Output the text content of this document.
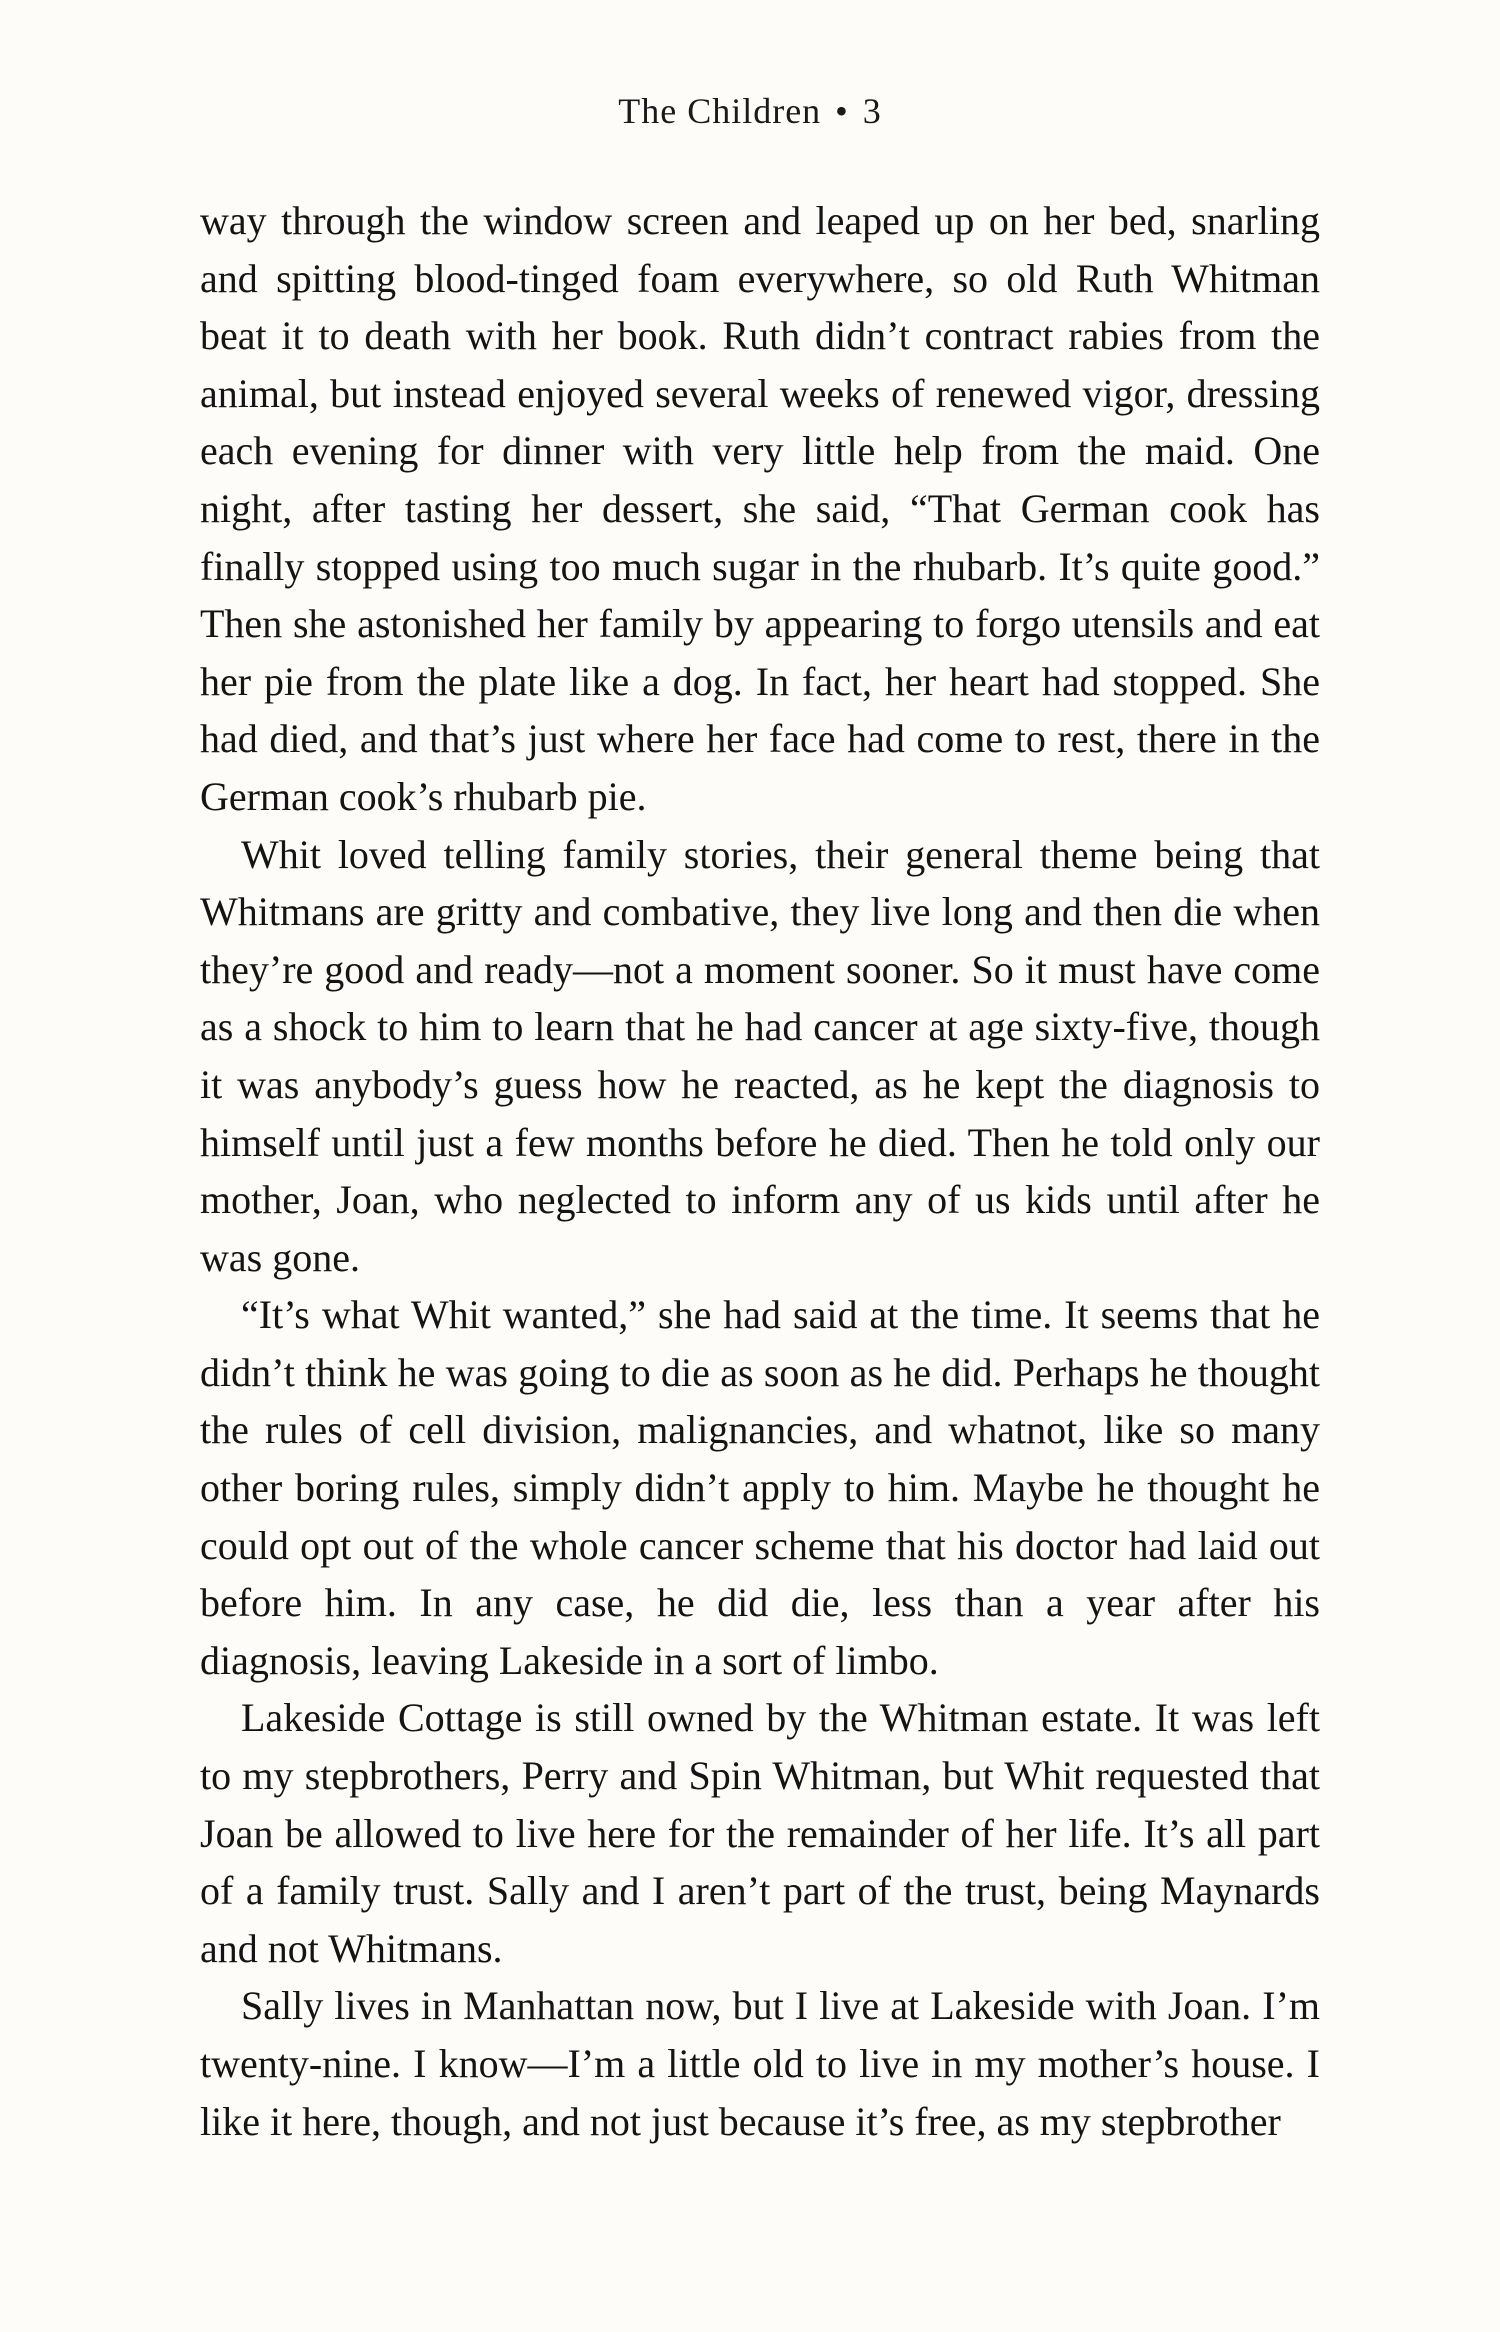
The Children • 3

way through the window screen and leaped up on her bed, snarling and spitting blood-tinged foam everywhere, so old Ruth Whitman beat it to death with her book. Ruth didn’t contract rabies from the animal, but instead enjoyed several weeks of renewed vigor, dressing each evening for dinner with very little help from the maid. One night, after tasting her dessert, she said, “That German cook has finally stopped using too much sugar in the rhubarb. It’s quite good.” Then she astonished her family by appearing to forgo utensils and eat her pie from the plate like a dog. In fact, her heart had stopped. She had died, and that’s just where her face had come to rest, there in the German cook’s rhubarb pie.

Whit loved telling family stories, their general theme being that Whitmans are gritty and combative, they live long and then die when they’re good and ready—not a moment sooner. So it must have come as a shock to him to learn that he had cancer at age sixty-five, though it was anybody’s guess how he reacted, as he kept the diagnosis to himself until just a few months before he died. Then he told only our mother, Joan, who neglected to inform any of us kids until after he was gone.

“It’s what Whit wanted,” she had said at the time. It seems that he didn’t think he was going to die as soon as he did. Perhaps he thought the rules of cell division, malignancies, and whatnot, like so many other boring rules, simply didn’t apply to him. Maybe he thought he could opt out of the whole cancer scheme that his doctor had laid out before him. In any case, he did die, less than a year after his diagnosis, leaving Lakeside in a sort of limbo.

Lakeside Cottage is still owned by the Whitman estate. It was left to my stepbrothers, Perry and Spin Whitman, but Whit requested that Joan be allowed to live here for the remainder of her life. It’s all part of a family trust. Sally and I aren’t part of the trust, being Maynards and not Whitmans.

Sally lives in Manhattan now, but I live at Lakeside with Joan. I’m twenty-nine. I know—I’m a little old to live in my mother’s house. I like it here, though, and not just because it’s free, as my stepbrother
